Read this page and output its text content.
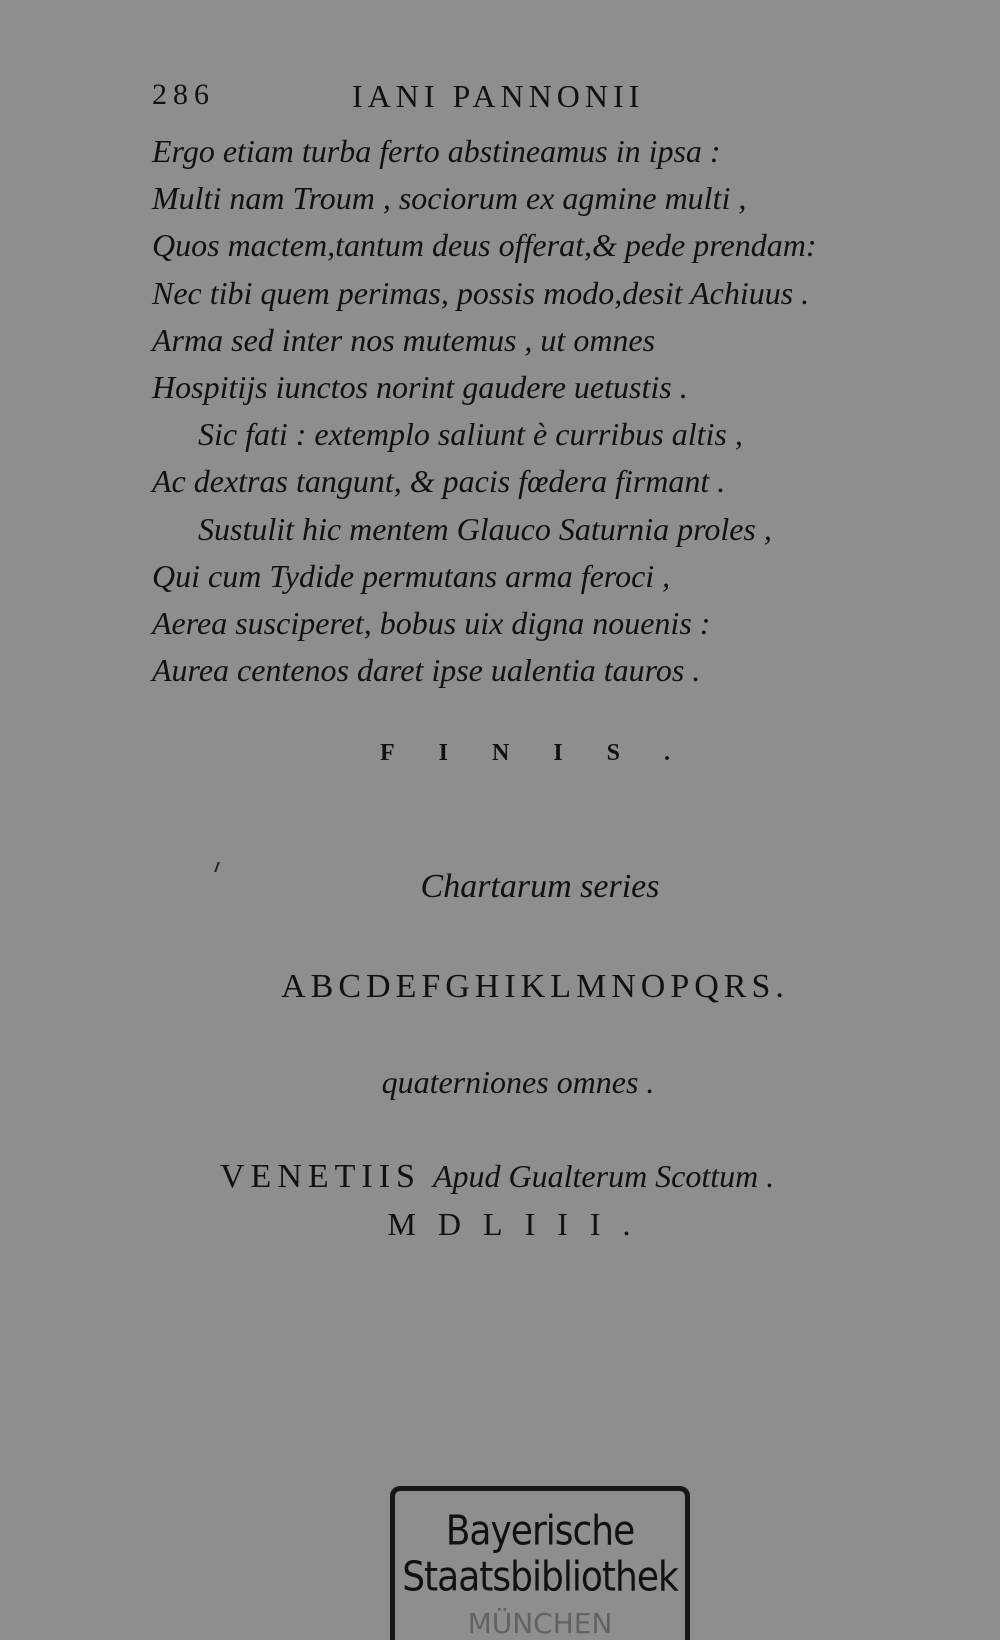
286	IANI PANNONII
Ergo etiam turba ferto abstineamus in ipsa :
Multi nam Troum , sociorum ex agmine multi ,
Quos mactem,tantum deus offerat,& pede prendam:
Nec tibi quem perimas, possis modo,desit Achiuus .
Arma sed inter nos mutemus , ut omnes
Hospitijs iunctos norint gaudere uetustis .
Sic fati : extemplo saliunt è curribus altis ,
Ac dextras tangunt, & pacis fœdera firmant .
Sustulit hic mentem Glauco Saturnia proles ,
Qui cum Tydide permutans arma feroci ,
Aerea susciperet, bobus uix digna nouenis :
Aurea centenos daret ipse ualentia tauros .
FINIS.
Chartarum series
ABCDEFGHIKLMNOPQRS.
quaterniones omnes .
VENETIIS Apud Gualterum Scottum .
MDLIII.
Bayerische
Staatsbibliothek
MÜNCHEN
